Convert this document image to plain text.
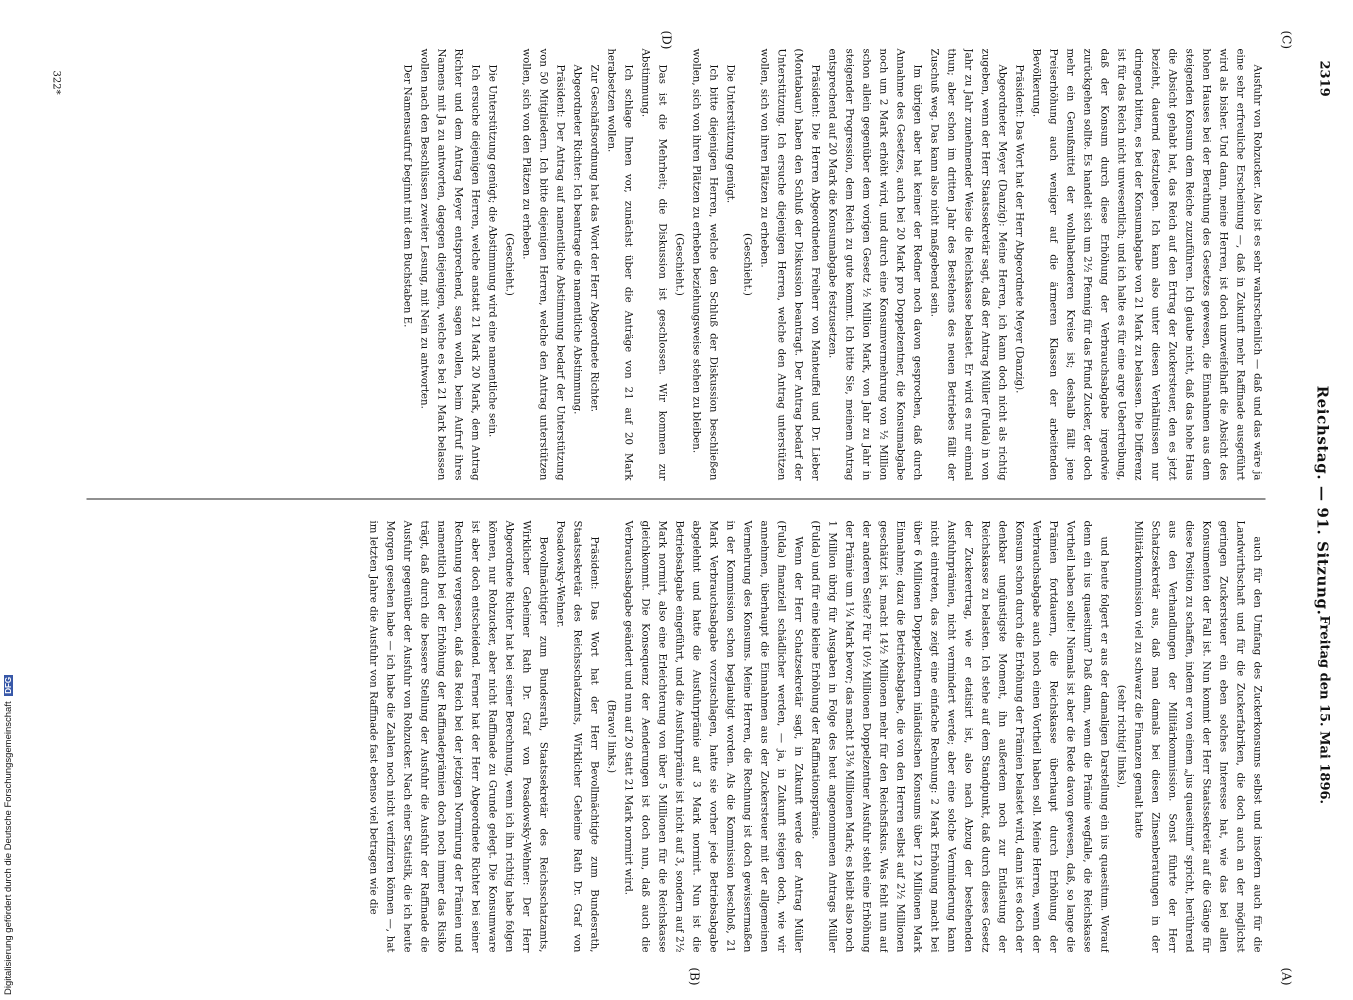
2319
Reichstag. — 91. Sitzung.
Freitag den 15. Mai 1896.
(C)
(D)
(A)
(B)

Ausfuhr von Rohzucker. Also ist es sehr wahrscheinlich — daß und das wäre ja eine sehr erfreuliche Erscheinung —, daß in Zukunft mehr Raffinade ausgeführt wird als bisher. Und dann, meine Herren, ist doch unzweifelhaft die Absicht des hohen Hauses bei der Berathung des Gesetzes gewesen, die Einnahmen aus dem steigenden Konsum dem Reiche zuzuführen. Ich glaube nicht, daß das hohe Haus die Absicht gehabt hat, das Reich auf den Ertrag der Zuckersteuer, den es jetzt bezieht, dauernd festzulegen. Ich kann also unter diesen Verhältnissen nur dringend bitten, es bei der Konsumabgabe von 21 Mark zu belassen. Die Differenz ist für das Reich nicht unwesentlich; und ich halte es für eine arge Uebertreibung, daß der Konsum durch diese Erhöhung der Verbrauchsabgabe irgendwie zurückgehen sollte. Es handelt sich um 2½ Pfennig für das Pfund Zucker, der doch mehr ein Genußmittel der wohlhabenderen Kreise ist; deshalb fällt jene Preiserhöhung auch weniger auf die ärmeren Klassen der arbeitenden Bevölkerung.

Präsident: Das Wort hat der Herr Abgeordnete Meyer (Danzig).

Abgeordneter Meyer (Danzig): Meine Herren, ich kann doch nicht als richtig zugeben, wenn der Herr Staatssekretär sagt, daß der Antrag Müller (Fulda) in von Jahr zu Jahr zunehmender Weise die Reichskasse belastet. Er wird es nur einmal thun; aber schon im dritten Jahr des Bestehens des neuen Betriebes fällt der Zuschuß weg. Das kann also nicht maßgebend sein.

Im übrigen aber hat keiner der Redner noch davon gesprochen, daß durch Annahme des Gesetzes, auch bei 20 Mark pro Doppelzentner, die Konsumabgabe noch um 2 Mark erhöht wird, und durch eine Konsumvermehrung von ½ Million schon allein gegenüber dem vorigen Gesetz ½ Million Mark, von Jahr zu Jahr in steigender Progression, dem Reich zu gute kommt. Ich bitte Sie, meinem Antrag entsprechend auf 20 Mark die Konsumabgabe festzusetzen.

Präsident: Die Herren Abgeordneten Freiherr von Manteuffel und Dr. Lieber (Montabaur) haben den Schluß der Diskussion beantragt. Der Antrag bedarf der Unterstützung. Ich ersuche diejenigen Herren, welche den Antrag unterstützen wollen, sich von ihren Plätzen zu erheben.

(Geschieht.)

Die Unterstützung genügt.

Ich bitte diejenigen Herren, welche den Schluß der Diskussion beschließen wollen, sich von ihren Plätzen zu erheben beziehungsweise stehen zu bleiben.

(Geschieht.)

Das ist die Mehrheit; die Diskussion ist geschlossen. Wir kommen zur Abstimmung.

Ich schlage Ihnen vor, zunächst über die Anträge von 21 auf 20 Mark herabsetzen wollen.

Zur Geschäftsordnung hat das Wort der Herr Abgeordnete Richter.

Abgeordneter Richter: Ich beantrage die namentliche Abstimmung.

Präsident: Der Antrag auf namentliche Abstimmung bedarf der Unterstützung von 50 Mitgliedern. Ich bitte diejenigen Herren, welche den Antrag unterstützen wollen, sich von den Plätzen zu erheben.

(Geschieht.)

Die Unterstützung genügt; die Abstimmung wird eine namentliche sein.

Ich ersuche diejenigen Herren, welche anstatt 21 Mark 20 Mark, dem Antrag Richter und dem Antrag Meyer entsprechend, sagen wollen, beim Aufruf ihres Namens mit Ja zu antworten, dagegen diejenigen, welche es bei 21 Mark belassen wollen nach den Beschlüssen zweiter Lesung, mit Nein zu antworten.

Der Namensaufruf beginnt mit dem Buchstaben E.

auch für den Umfang des Zuckerkonsums selbst und insofern auch für die Landwirthschaft und für die Zuckerfabriken, die doch auch an der möglichst geringen Zuckersteuer ein eben solches Interesse hat, wie das bei allen Konsumenten der Fall ist. Nun kommt der Herr Staatssekretär auf die Gänge für diese Position zu schaffen, indem er von einem „jus quaesitum“ spricht, herührend aus den Verhandlungen der Militärkommission. Sonst führte der Herr Schatzsekretär aus, daß man damals bei diesen Zinsenberatungen in der Militärkommission viel zu schwarz die Finanzen gemalt hatte

(sehr richtig! links),

und heute folgert er aus der damaligen Darstellung ein ius quaesitum. Worauf denn ein ius quaesitum? Daß dann, wenn die Prämie wegfalle, die Reichskasse Vortheil haben sollte! Niemals ist aber die Rede davon gewesen, daß, so lange die Prämien fortdauern, die Reichskasse überhaupt durch Erhöhung der Verbrauchsabgabe auch noch einen Vortheil haben soll. Meine Herren, wenn der Konsum schon durch die Erhöhung der Prämien belastet wird, dann ist es doch der denkbar ungünstigste Moment, ihn außerdem noch zur Entlastung der Reichskasse zu belasten. Ich stehe auf dem Standpunkt, daß durch dieses Gesetz der Zuckerertrag, wie er etatisirt ist, also nach Abzug der bestehenden Ausfuhrprämien, nicht vermindert werde; aber eine solche Verminderung kann nicht eintreten, das zeigt eine einfache Rechnung: 2 Mark Erhöhung macht bei über 6 Millionen Doppelzentnern inländischen Konsums über 12 Millionen Mark Einnahme; dazu die Betriebsabgabe, die von den Herren selbst auf 2½ Millionen geschätzt ist, macht 14½ Millionen mehr für den Reichsfiskus. Was fehlt nun auf der anderen Seite? Für 10½ Millionen Doppelzentner Ausfuhr steht eine Erhöhung der Prämie um 1¼ Mark bevor; das macht 13⅛ Millionen Mark; es bleibt also noch 1 Million übrig für Ausgaben in Folge des heut angenommenen Antrags Müller (Fulda) und für eine kleine Erhöhung der Raffinationsprämie.

Wenn der Herr Schatzsekretär sagt, in Zukunft werde der Antrag Müller (Fulda) finanziell schädlicher werden, — ja, in Zukunft steigen doch, wie wir annehmen, überhaupt die Einnahmen aus der Zuckersteuer mit der allgemeinen Vermehrung des Konsums. Meine Herren, die Rechnung ist doch gewissermaßen in der Kommission schon beglaubigt worden. Als die Kommission beschloß, 21 Mark Verbrauchsabgabe vorzuschlagen, hatte sie vorher jede Betriebsabgabe abgelehnt und hatte die Ausfuhrprämie auf 3 Mark normirt. Nun ist die Betriebsabgabe eingeführt, und die Ausfuhrprämie ist nicht auf 3, sondern auf 2½ Mark normirt, also eine Erleichterung von über 5 Millionen für die Reichskasse gleichkommt. Die Konsequenz der Aenderungen ist doch nun, daß auch die Verbrauchsabgabe geändert und nun auf 20 statt 21 Mark normirt wird.

(Bravo! links.)

Präsident: Das Wort hat der Herr Bevollmächtigte zum Bundesrath, Staatssekretär des Reichsschatzamts, Wirklicher Geheime Rath Dr. Graf von Posadowsky-Wehner.

Bevollmächtigter zum Bundesrath, Staatssekretär des Reichsschatzamts, Wirklicher Geheimer Rath Dr. Graf von Posadowsky-Wehner: Der Herr Abgeordnete Richter hat bei seiner Berechnung, wenn ich ihn richtig habe folgen können, nur Rohzucker, aber nicht Raffinade zu Grunde gelegt. Die Konsumware ist aber doch entscheidend. Ferner hat der Herr Abgeordnete Richter bei seiner Rechnung vergessen, daß das Reich bei der jetzigen Normirung der Prämien und namentlich bei der Erhöhung der Raffinadeprämien doch noch immer das Risiko trägt, daß durch die bessere Stellung der Ausfuhr die Ausfuhr der Raffinade die Ausfuhr gegenüber der Ausfuhr von Rohzucker. Nach einer Statistik, die ich heute Morgen gesehen habe — ich habe die Zahlen noch nicht verifiziren können —, hat im letzten Jahre die Ausfuhr von Raffinade fast ebenso viel betragen wie die

322*
Digitalisierung gefördert durch die Deutsche Forschungsgemeinschaft DFG
